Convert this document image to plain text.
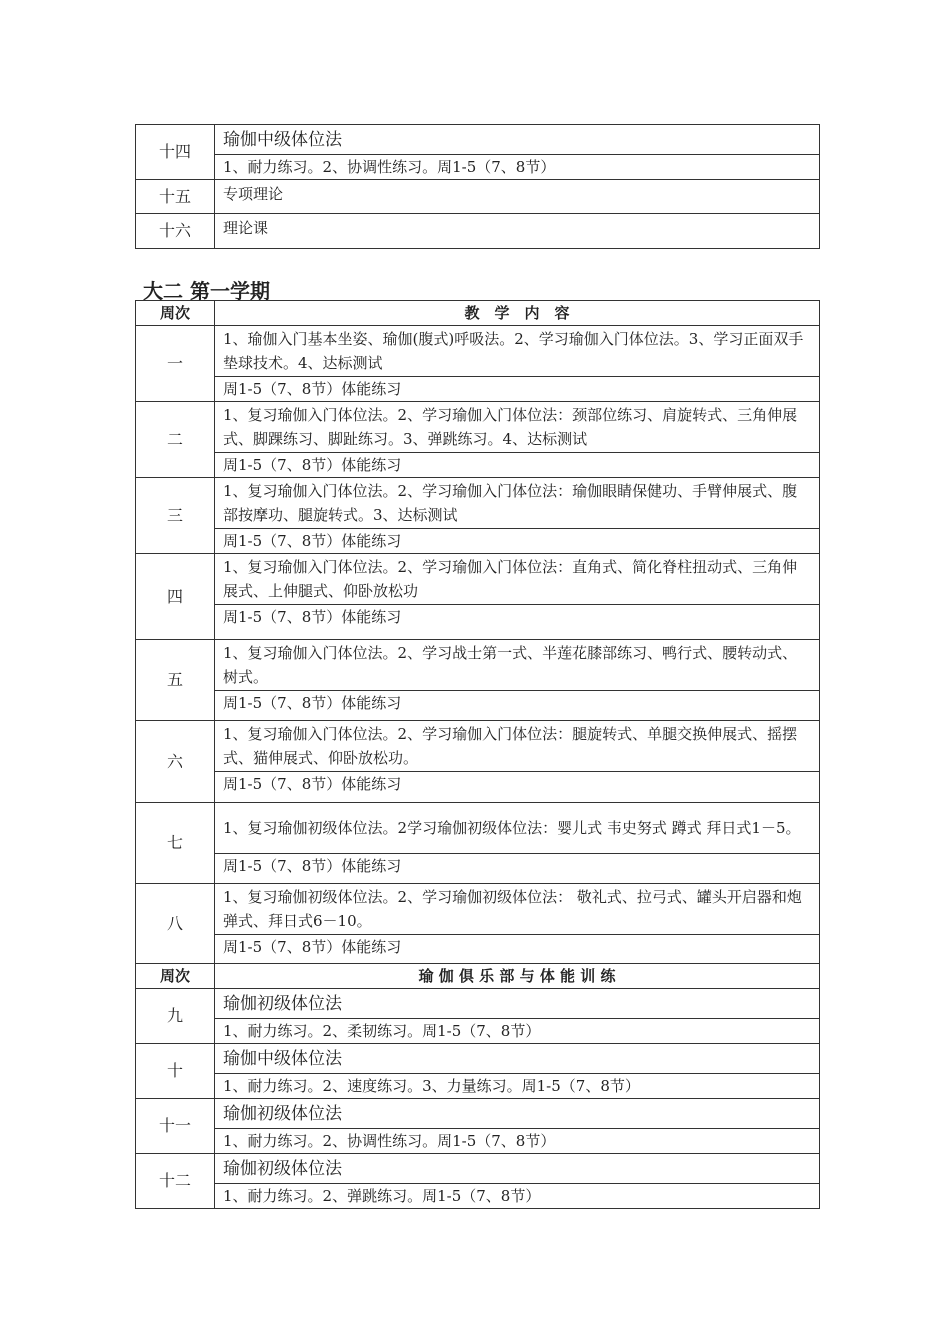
十四	瑜伽中级体位法
	1、耐力练习。2、协调性练习。周1-5（7、8节）
十五	专项理论
十六	理论课
大二 第一学期
周次	教　学　内　容
一	1、瑜伽入门基本坐姿、瑜伽(腹式)呼吸法。2、学习瑜伽入门体位法。3、学习正面双手垫球技术。4、达标测试
	周1-5（7、8节）体能练习
二	1、复习瑜伽入门体位法。2、学习瑜伽入门体位法：颈部位练习、肩旋转式、三角伸展式、脚踝练习、脚趾练习。3、弹跳练习。4、达标测试
	周1-5（7、8节）体能练习
三	1、复习瑜伽入门体位法。2、学习瑜伽入门体位法：瑜伽眼睛保健功、手臂伸展式、腹部按摩功、腿旋转式。3、达标测试
	周1-5（7、8节）体能练习
四	1、复习瑜伽入门体位法。2、学习瑜伽入门体位法：直角式、简化脊柱扭动式、三角伸展式、上伸腿式、仰卧放松功
	周1-5（7、8节）体能练习
五	1、复习瑜伽入门体位法。2、学习战士第一式、半莲花膝部练习、鸭行式、腰转动式、树式。
	周1-5（7、8节）体能练习
六	1、复习瑜伽入门体位法。2、学习瑜伽入门体位法：腿旋转式、单腿交换伸展式、摇摆式、猫伸展式、仰卧放松功。
	周1-5（7、8节）体能练习
七	1、复习瑜伽初级体位法。2学习瑜伽初级体位法：婴儿式 韦史努式 蹲式 拜日式1－5。
	周1-5（7、8节）体能练习
八	1、复习瑜伽初级体位法。2、学习瑜伽初级体位法： 敬礼式、拉弓式、罐头开启器和炮弹式、拜日式6－10。
	周1-5（7、8节）体能练习
周次	瑜 伽 俱 乐 部 与 体 能 训 练
九	瑜伽初级体位法
	1、耐力练习。2、柔韧练习。周1-5（7、8节）
十	瑜伽中级体位法
	1、耐力练习。2、速度练习。3、力量练习。周1-5（7、8节）
十一	瑜伽初级体位法
	1、耐力练习。2、协调性练习。周1-5（7、8节）
十二	瑜伽初级体位法
	1、耐力练习。2、弹跳练习。周1-5（7、8节）
